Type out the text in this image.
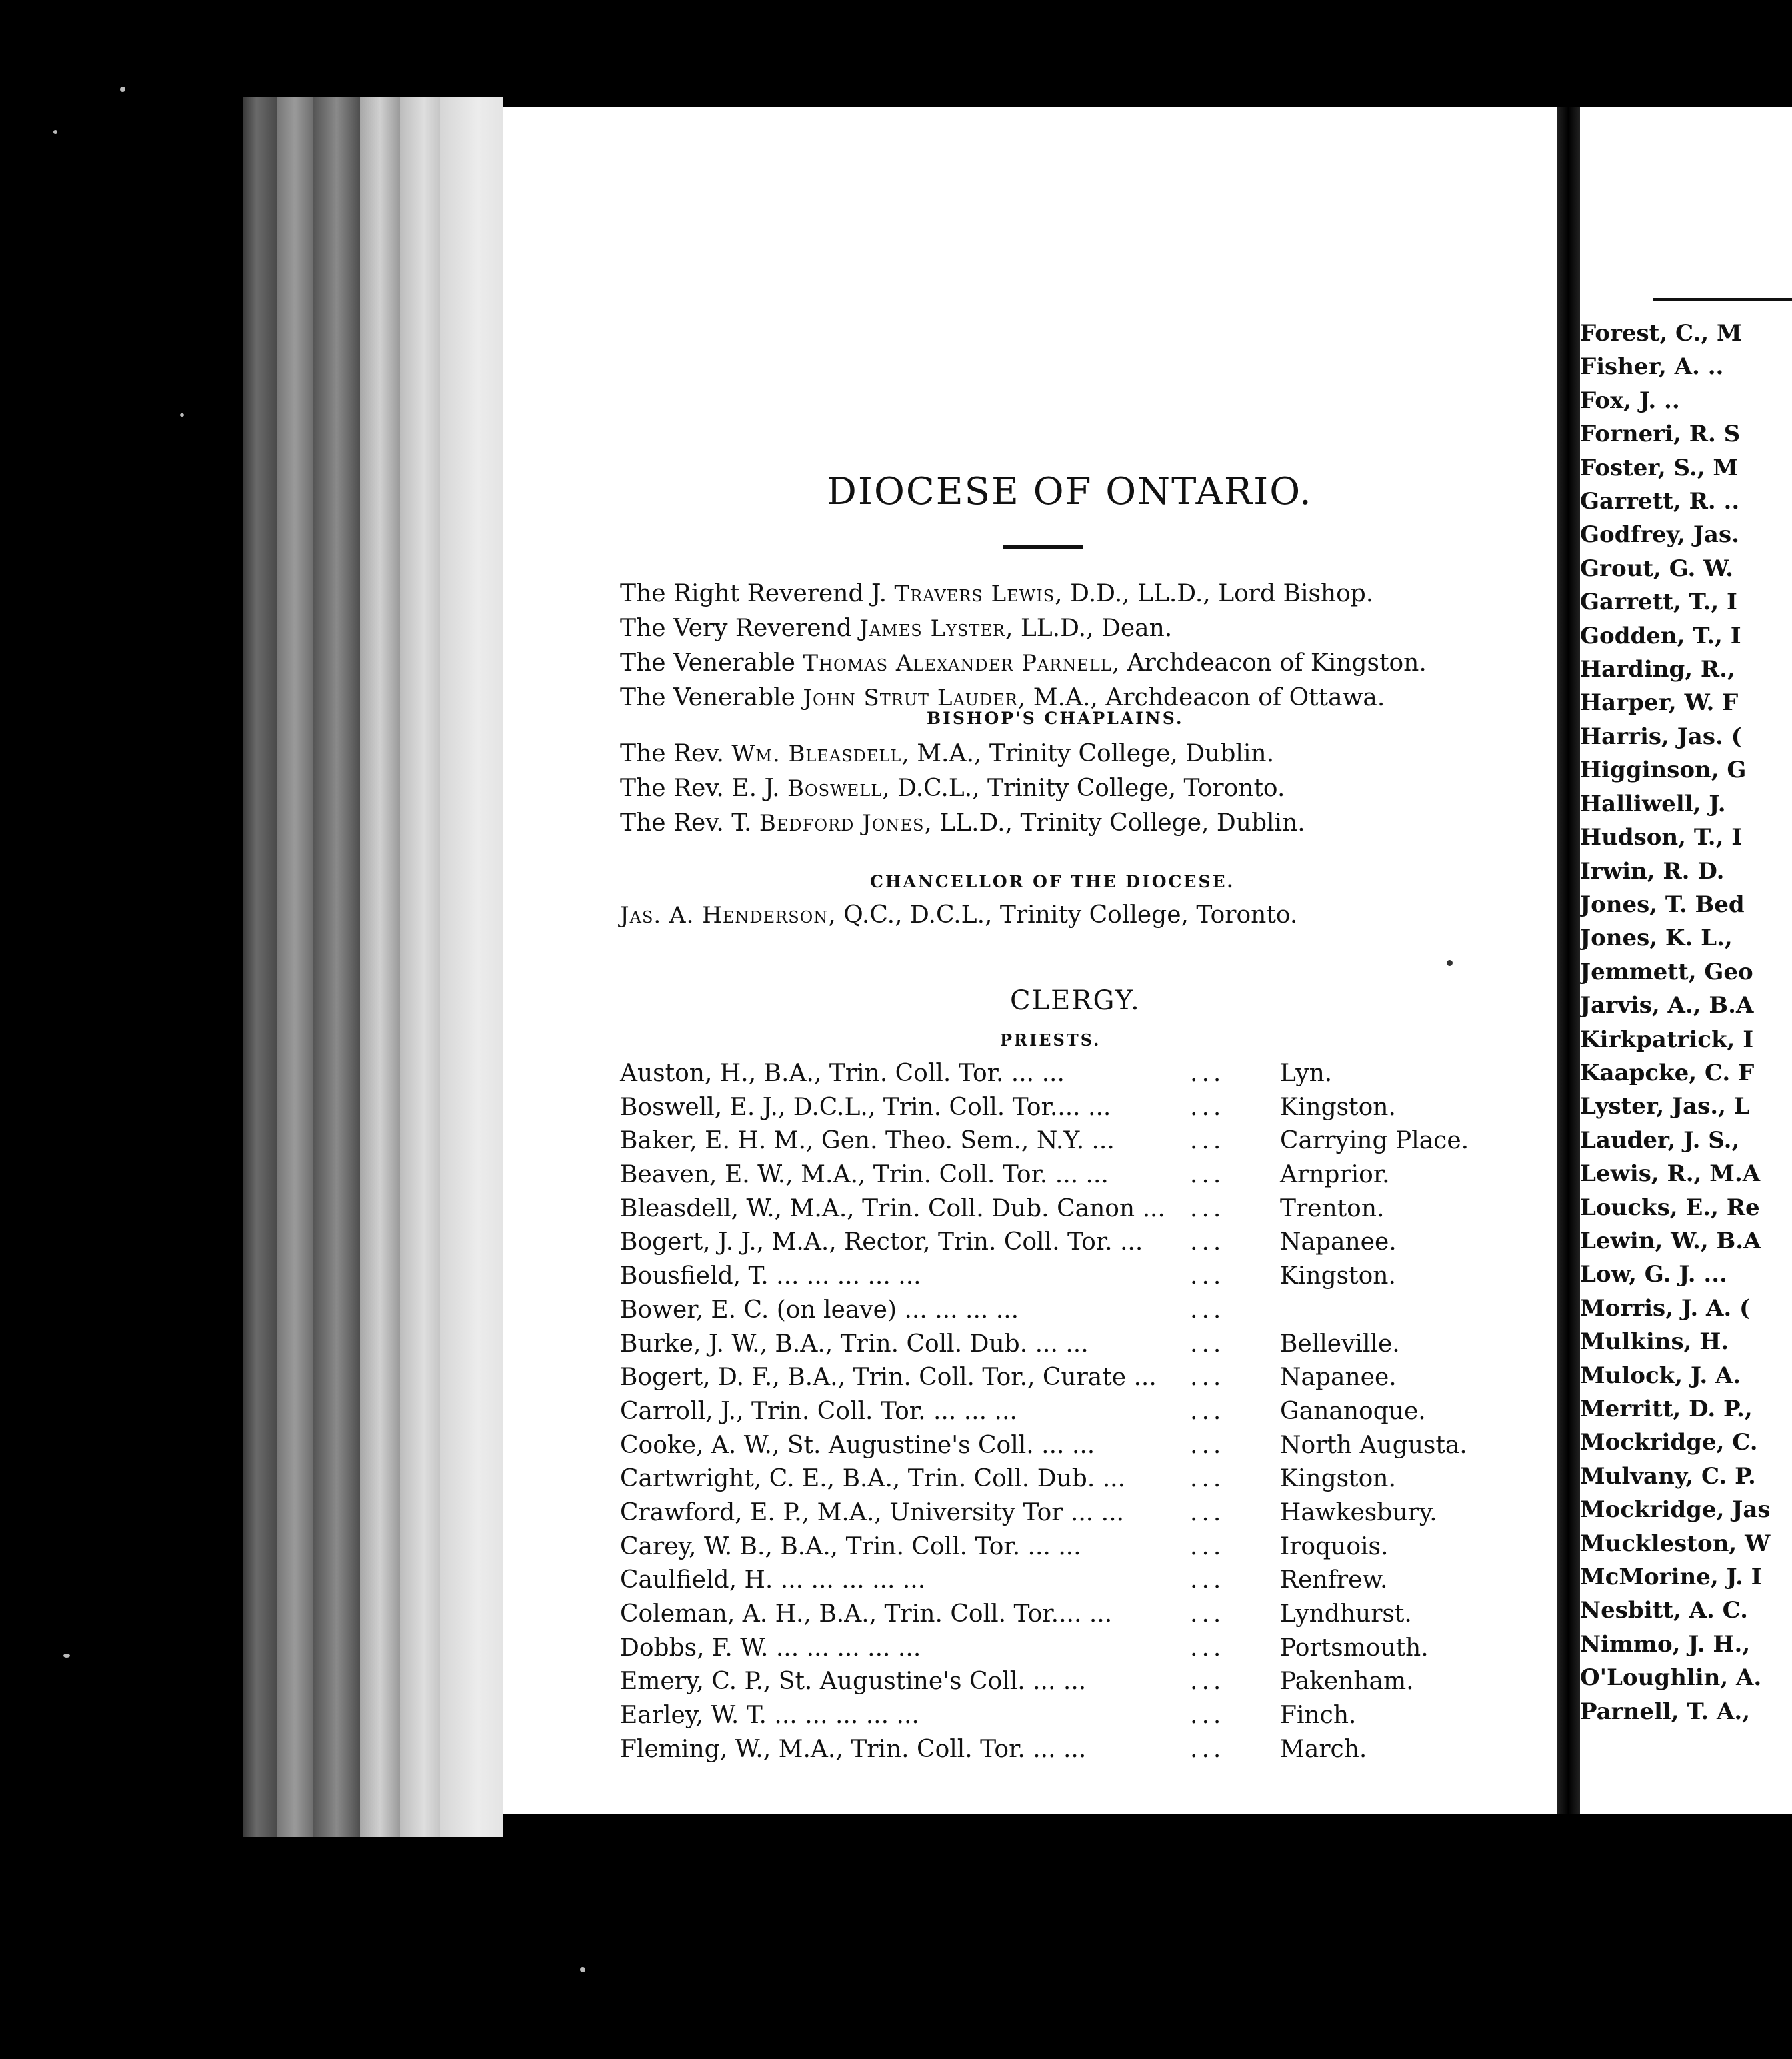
DIOCESE OF ONTARIO.
The Right Reverend J. Travers Lewis, D.D., LL.D., Lord Bishop.
The Very Reverend James Lyster, LL.D., Dean.
The Venerable Thomas Alexander Parnell, Archdeacon of Kingston.
The Venerable John Strut Lauder, M.A., Archdeacon of Ottawa.
BISHOP'S CHAPLAINS.
The Rev. Wm. Bleasdell, M.A., Trinity College, Dublin.
The Rev. E. J. Boswell, D.C.L., Trinity College, Toronto.
The Rev. T. Bedford Jones, LL.D., Trinity College, Dublin.
CHANCELLOR OF THE DIOCESE.
Jas. A. Henderson, Q.C., D.C.L., Trinity College, Toronto.
CLERGY.
PRIESTS.
Auston, H., B.A., Trin. Coll. Tor. ... ...	... Lyn.
Boswell, E. J., D.C.L., Trin. Coll. Tor.... ...	... Kingston.
Baker, E. H. M., Gen. Theo. Sem., N.Y. ...	... Carrying Place.
Beaven, E. W., M.A., Trin. Coll. Tor. ... ...	... Arnprior.
Bleasdell, W., M.A., Trin. Coll. Dub. Canon ... ... Trenton.
Bogert, J. J., M.A., Rector, Trin. Coll. Tor. ... ... Napanee.
Bousfield, T. ... ... ... ... ...	... Kingston.
Bower, E. C. (on leave) ... ... ... ...	...
Burke, J. W., B.A., Trin. Coll. Dub. ... ...	... Belleville.
Bogert, D. F., B.A., Trin. Coll. Tor., Curate ... ... Napanee.
Carroll, J., Trin. Coll. Tor. ... ... ...	... Gananoque.
Cooke, A. W., St. Augustine's Coll. ... ...	... North Augusta.
Cartwright, C. E., B.A., Trin. Coll. Dub. ...	... Kingston.
Crawford, E. P., M.A., University Tor ... ...	... Hawkesbury.
Carey, W. B., B.A., Trin. Coll. Tor. ... ...	... Iroquois.
Caulfield, H. ... ... ... ... ...	... Renfrew.
Coleman, A. H., B.A., Trin. Coll. Tor.... ...	... Lyndhurst.
Dobbs, F. W. ... ... ... ... ...	... Portsmouth.
Emery, C. P., St. Augustine's Coll. ... ...	... Pakenham.
Earley, W. T. ... ... ... ... ...	... Finch.
Fleming, W., M.A., Trin. Coll. Tor. ... ...	... March.
Forest, C., M
Fisher, A. ..
Fox, J. ..
Forneri, R. S
Foster, S., M
Garrett, R. ..
Godfrey, Jas.
Grout, G. W.
Garrett, T., I
Godden, T., I
Harding, R.,
Harper, W. F
Harris, Jas. (
Higginson, G
Halliwell, J.
Hudson, T., I
Irwin, R. D.
Jones, T. Bed
Jones, K. L.,
Jemmett, Geo
Jarvis, A., B.A
Kirkpatrick, I
Kaapcke, C. F
Lyster, Jas., L
Lauder, J. S.,
Lewis, R., M.A
Loucks, E., Re
Lewin, W., B.A
Low, G. J. ...
Morris, J. A. (
Mulkins, H.
Mulock, J. A.
Merritt, D. P.,
Mockridge, C.
Mulvany, C. P.
Mockridge, Jas
Muckleston, W
McMorine, J. I
Nesbitt, A. C.
Nimmo, J. H.,
O'Loughlin, A.
Parnell, T. A.,
